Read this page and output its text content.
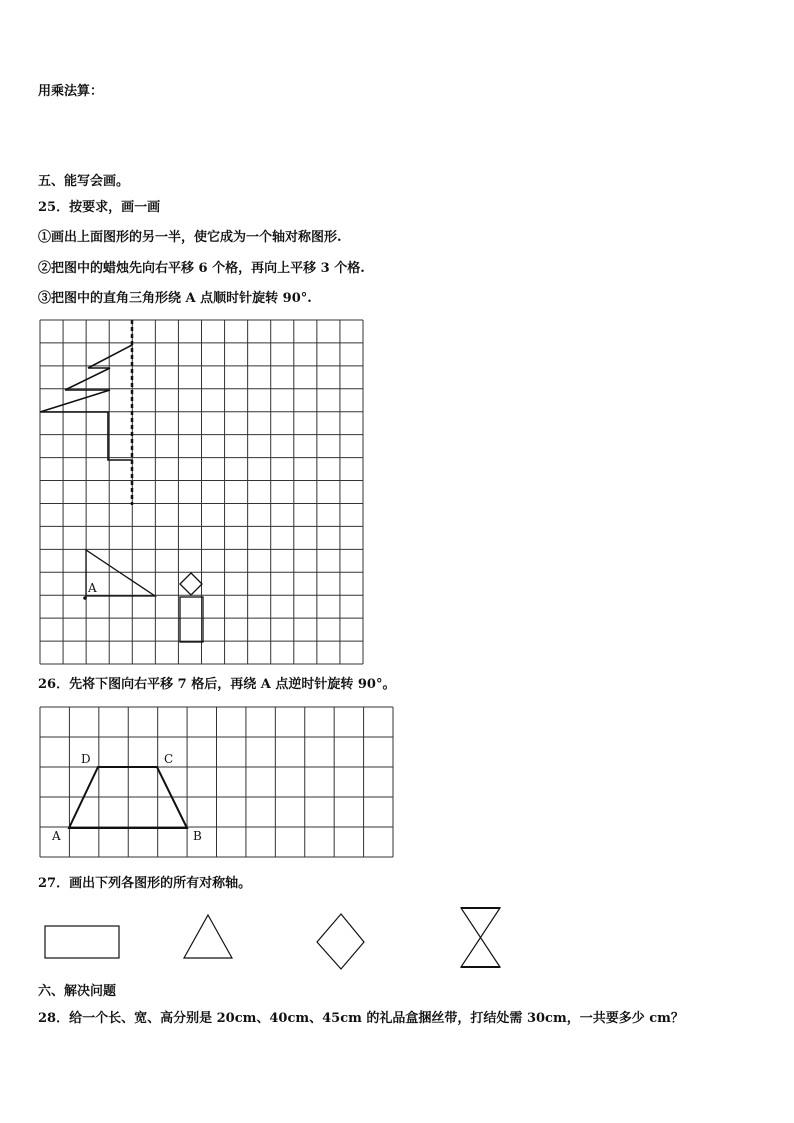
用乘法算：
五、能写会画。
25．按要求，画一画
①画出上面图形的另一半，使它成为一个轴对称图形.
②把图中的蜡烛先向右平移 6 个格，再向上平移 3 个格.
③把图中的直角三角形绕 A 点顺时针旋转 90°.
A
26．先将下图向右平移 7 格后，再绕 A 点逆时针旋转 90°。
A	B
C
D
27．画出下列各图形的所有对称轴。
六、解决问题
28．给一个长、宽、高分别是 20cm、40cm、45cm 的礼品盒捆丝带，打结处需 30cm，一共要多少 cm？
